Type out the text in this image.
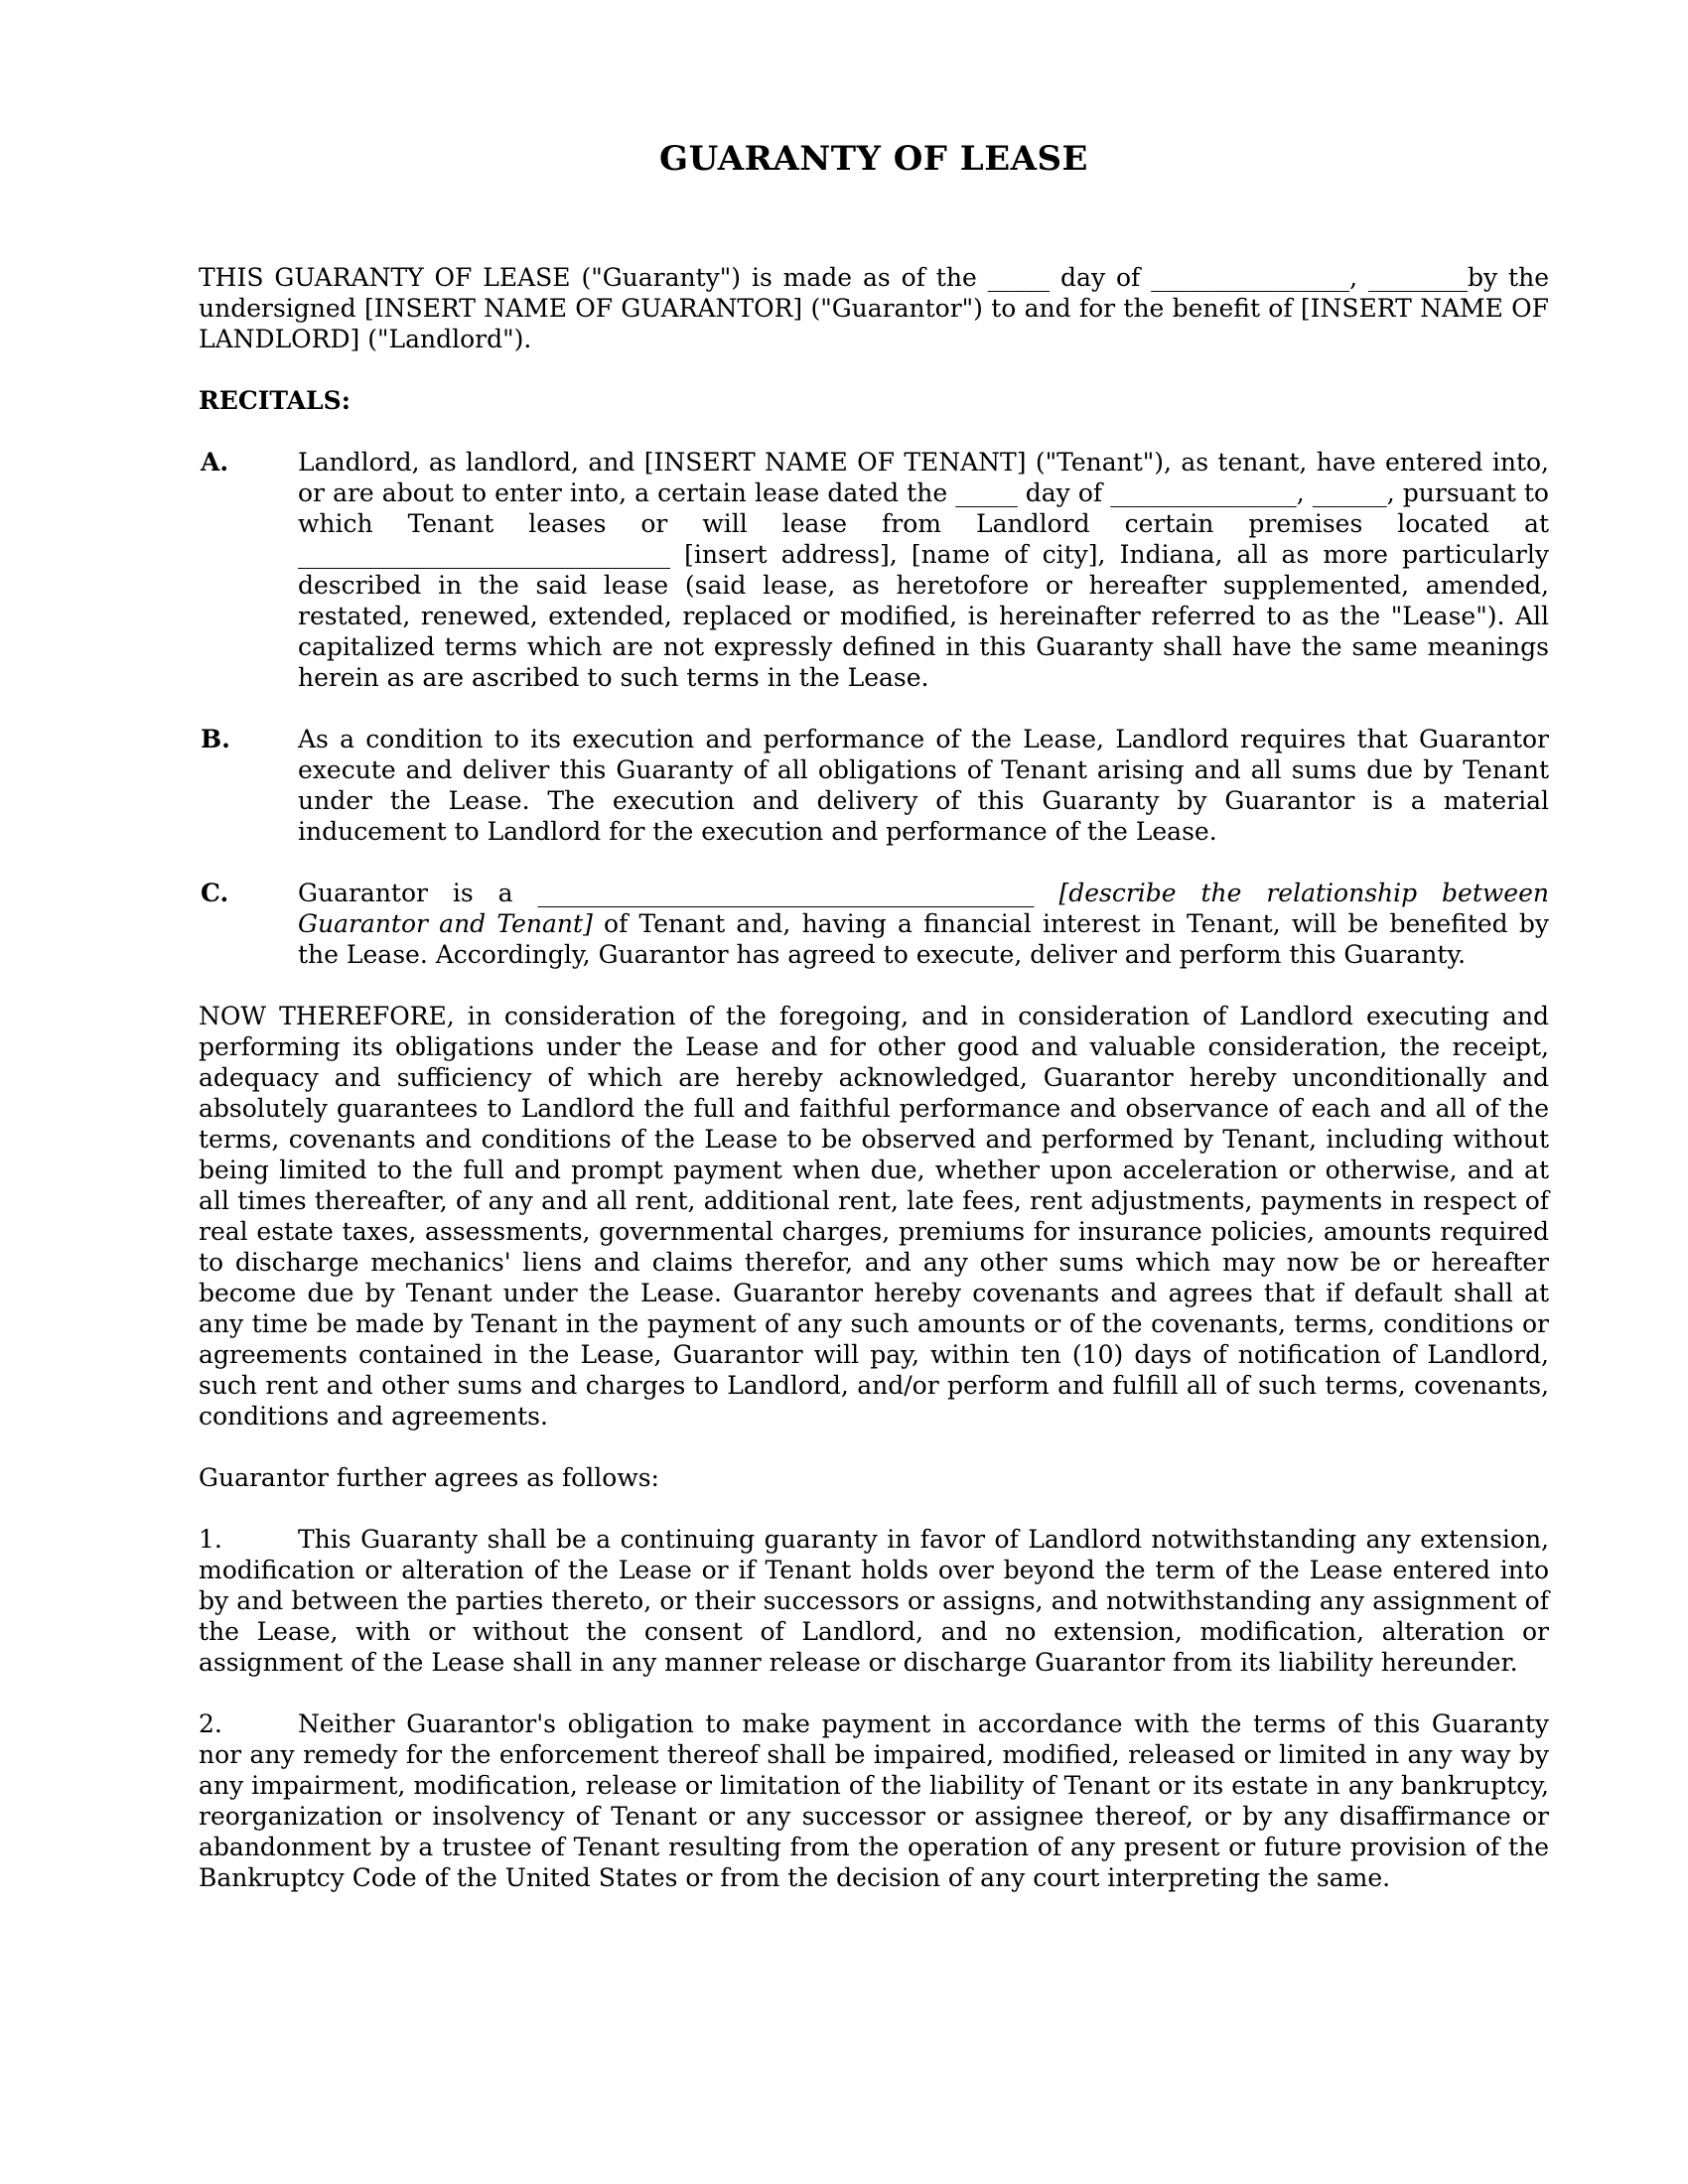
GUARANTY OF LEASE

THIS GUARANTY OF LEASE ("Guaranty") is made as of the _____ day of ________________, ________by the undersigned [INSERT NAME OF GUARANTOR] ("Guarantor") to and for the benefit of [INSERT NAME OF LANDLORD] ("Landlord").

RECITALS:
A.	Landlord, as landlord, and [INSERT NAME OF TENANT] ("Tenant"), as tenant, have entered into, or are about to enter into, a certain lease dated the _____ day of _______________, ______, pursuant to which Tenant leases or will lease from Landlord certain premises located at ______________________________ [insert address], [name of city], Indiana, all as more particularly described in the said lease (said lease, as heretofore or hereafter supplemented, amended, restated, renewed, extended, replaced or modified, is hereinafter referred to as the "Lease"). All capitalized terms which are not expressly defined in this Guaranty shall have the same meanings herein as are ascribed to such terms in the Lease.

B.	As a condition to its execution and performance of the Lease, Landlord requires that Guarantor execute and deliver this Guaranty of all obligations of Tenant arising and all sums due by Tenant under the Lease. The execution and delivery of this Guaranty by Guarantor is a material inducement to Landlord for the execution and performance of the Lease.

C.	Guarantor is a ________________________________________ [describe the relationship between Guarantor and Tenant] of Tenant and, having a financial interest in Tenant, will be benefited by the Lease. Accordingly, Guarantor has agreed to execute, deliver and perform this Guaranty.

NOW THEREFORE, in consideration of the foregoing, and in consideration of Landlord executing and performing its obligations under the Lease and for other good and valuable consideration, the receipt, adequacy and sufficiency of which are hereby acknowledged, Guarantor hereby unconditionally and absolutely guarantees to Landlord the full and faithful performance and observance of each and all of the terms, covenants and conditions of the Lease to be observed and performed by Tenant, including without being limited to the full and prompt payment when due, whether upon acceleration or otherwise, and at all times thereafter, of any and all rent, additional rent, late fees, rent adjustments, payments in respect of real estate taxes, assessments, governmental charges, premiums for insurance policies, amounts required to discharge mechanics' liens and claims therefor, and any other sums which may now be or hereafter become due by Tenant under the Lease. Guarantor hereby covenants and agrees that if default shall at any time be made by Tenant in the payment of any such amounts or of the covenants, terms, conditions or agreements contained in the Lease, Guarantor will pay, within ten (10) days of notification of Landlord, such rent and other sums and charges to Landlord, and/or perform and fulfill all of such terms, covenants, conditions and agreements.

Guarantor further agrees as follows:

1.	This Guaranty shall be a continuing guaranty in favor of Landlord notwithstanding any extension, modification or alteration of the Lease or if Tenant holds over beyond the term of the Lease entered into by and between the parties thereto, or their successors or assigns, and notwithstanding any assignment of the Lease, with or without the consent of Landlord, and no extension, modification, alteration or assignment of the Lease shall in any manner release or discharge Guarantor from its liability hereunder.

2.	Neither Guarantor's obligation to make payment in accordance with the terms of this Guaranty nor any remedy for the enforcement thereof shall be impaired, modified, released or limited in any way by any impairment, modification, release or limitation of the liability of Tenant or its estate in any bankruptcy, reorganization or insolvency of Tenant or any successor or assignee thereof, or by any disaffirmance or abandonment by a trustee of Tenant resulting from the operation of any present or future provision of the Bankruptcy Code of the United States or from the decision of any court interpreting the same.
